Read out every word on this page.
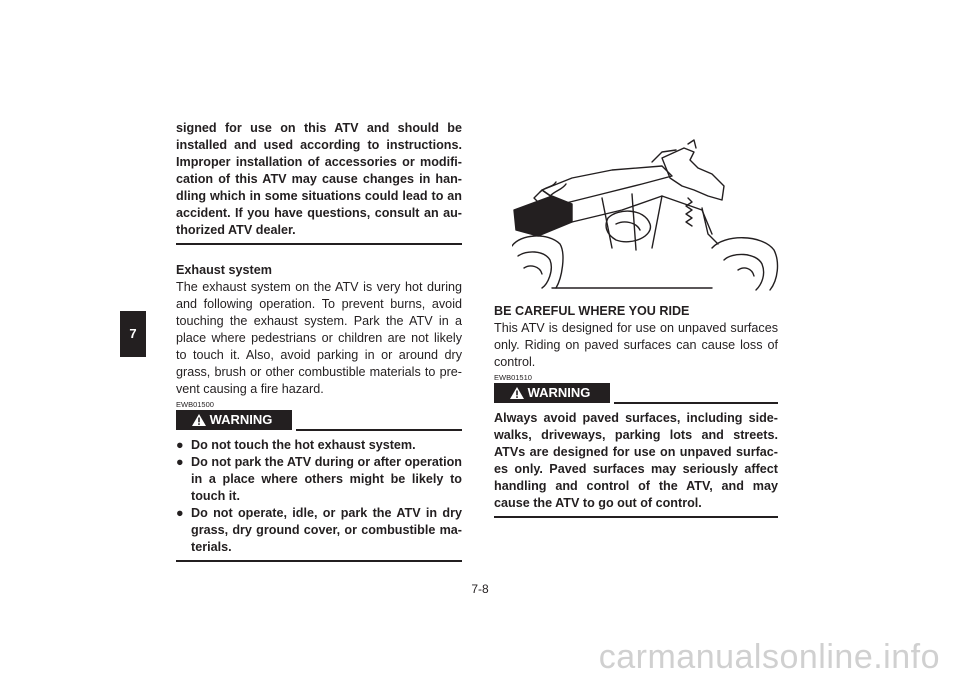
7

signed for use on this ATV and should be installed and used according to instructions. Improper installation of accessories or modifi- cation of this ATV may cause changes in han- dling which in some situations could lead to an accident. If you have questions, consult an au- thorized ATV dealer.

Exhaust system

The exhaust system on the ATV is very hot during and following operation. To prevent burns, avoid touching the exhaust system. Park the ATV in a place where pedestrians or children are not likely to touch it. Also, avoid parking in or around dry grass, brush or other combustible materials to pre- vent causing a fire hazard.

EWB01500
WARNING
● Do not touch the hot exhaust system.
● Do not park the ATV during or after operation in a place where others might be likely to touch it.
● Do not operate, idle, or park the ATV in dry grass, dry ground cover, or combustible ma- terials.

BE CAREFUL WHERE YOU RIDE

This ATV is designed for use on unpaved surfaces only. Riding on paved surfaces can cause loss of control.

EWB01510
WARNING

Always avoid paved surfaces, including side- walks, driveways, parking lots and streets. ATVs are designed for use on unpaved surfac- es only. Paved surfaces may seriously affect handling and control of the ATV, and may cause the ATV to go out of control.

7-8
carmanualsonline.info
